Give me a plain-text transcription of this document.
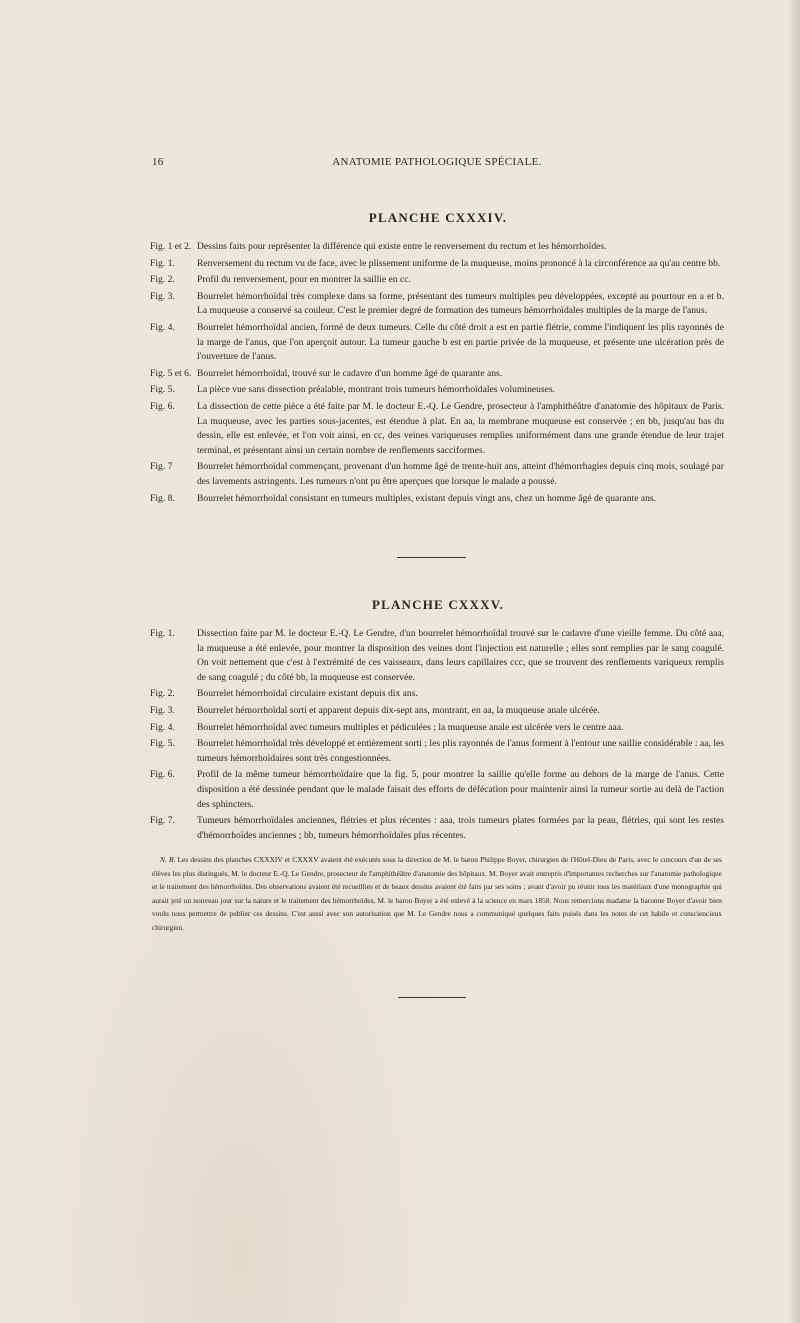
16	ANATOMIE PATHOLOGIQUE SPÉCIALE.
PLANCHE CXXXIV.
Fig. 1 et 2. Dessins faits pour représenter la différence qui existe entre le renversement du rectum et les hémorrhoïdes.
Fig. 1. Renversement du rectum vu de face, avec le plissement uniforme de la muqueuse, moins prononcé à la circonférence aa qu'au centre bb.
Fig. 2. Profil du renversement, pour en montrer la saillie en cc.
Fig. 3. Bourrelet hémorrhoïdal très complexe dans sa forme, présentant des tumeurs multiples peu développées, excepté au pourtour en a et b. La muqueuse a conservé sa couleur. C'est le premier degré de formation des tumeurs hémorrhoïdales multiples de la marge de l'anus.
Fig. 4. Bourrelet hémorrhoïdal ancien, formé de deux tumeurs. Celle du côté droit a est en partie flétrie, comme l'indiquent les plis rayonnés de la marge de l'anus, que l'on aperçoit autour. La tumeur gauche b est en partie privée de la muqueuse, et présente une ulcération près de l'ouverture de l'anus.
Fig. 5 et 6. Bourrelet hémorrhoïdal, trouvé sur le cadavre d'un homme âgé de quarante ans.
Fig. 5. La pièce vue sans dissection préalable, montrant trois tumeurs hémorrhoïdales volumineuses.
Fig. 6. La dissection de cette pièce a été faite par M. le docteur E.-Q. Le Gendre, prosecteur à l'amphithéâtre d'anatomie des hôpitaux de Paris. La muqueuse, avec les parties sous-jacentes, est étendue à plat. En aa, la membrane muqueuse est conservée ; en bb, jusqu'au bas du dessin, elle est enlevée, et l'on voit ainsi, en cc, des veines variqueuses remplies uniformément dans une grande étendue de leur trajet terminal, et présentant ainsi un certain nombre de renflements sacciformes.
Fig. 7	Bourrelet hémorrhoïdal commençant, provenant d'un homme âgé de trente-huit ans, atteint d'hémorrhagies depuis cinq mois, soulagé par des lavements astringents. Les tumeurs n'ont pu être aperçues que lorsque le malade a poussé.
Fig. 8. Bourrelet hémorrhoïdal consistant en tumeurs multiples, existant depuis vingt ans, chez un homme âgé de quarante ans.
PLANCHE CXXXV.
Fig. 1. Dissection faite par M. le docteur E.-Q. Le Gendre, d'un bourrelet hémorrhoïdal trouvé sur le cadavre d'une vieille femme. Du côté aaa, la muqueuse a été enlevée, pour montrer la disposition des veines dont l'injection est naturelle ; elles sont remplies par le sang coagulé. On voit nettement que c'est à l'extrémité de ces vaisseaux, dans leurs capillaires ccc, que se trouvent des renflements variqueux remplis de sang coagulé ; du côté bb, la muqueuse est conservée.
Fig. 2. Bourrelet hémorrhoïdal circulaire existant depuis dix ans.
Fig. 3. Bourrelet hémorrhoïdal sorti et apparent depuis dix-sept ans, montrant, en aa, la muqueuse anale ulcérée.
Fig. 4. Bourrelet hémorrhoïdal avec tumeurs multiples et pédiculées ; la muqueuse anale est ulcérée vers le centre aaa.
Fig. 5. Bourrelet hémorrhoïdal très développé et entièrement sorti ; les plis rayonnés de l'anus forment à l'entour une saillie considérable : aa, les tumeurs hémorrhoïdaires sont très congestionnées.
Fig. 6. Profil de la même tumeur hémorrhoïdaire que la fig. 5, pour montrer la saillie qu'elle forme au dehors de la marge de l'anus. Cette disposition a été dessinée pendant que le malade faisait des efforts de défécation pour maintenir ainsi la tumeur sortie au delà de l'action des sphincters.
Fig. 7. Tumeurs hémorrhoïdales anciennes, flétries et plus récentes : aaa, trois tumeurs plates formées par la peau, flétries, qui sont les restes d'hémorrhoïdes anciennes ; bb, tumeurs hémorrhoïdales plus récentes.
N. B. Les dessins des planches CXXXIV et CXXXV avaient été exécutés sous la direction de M. le baron Philippe Boyer, chirurgien de l'Hôtel-Dieu de Paris, avec le concours d'un de ses élèves les plus distingués, M. le docteur E.-Q. Le Gendre, prosecteur de l'amphithéâtre d'anatomie des hôpitaux. M. Boyer avait entrepris d'importantes recherches sur l'anatomie pathologique et le traitement des hémorrhoïdes. Des observations avaient été recueillies et de beaux dessins avaient été faits par ses soins ; avant d'avoir pu réunir tous les matériaux d'une monographie qui aurait jeté un nouveau jour sur la nature et le traitement des hémorrhoïdes, M. le baron Boyer a été enlevé à la science en mars 1858. Nous remercions madame la baronne Boyer d'avoir bien voulu nous permettre de publier ces dessins. C'est aussi avec son autorisation que M. Le Gendre nous a communiqué quelques faits puisés dans les notes de cet habile et consciencieux chirurgien.
